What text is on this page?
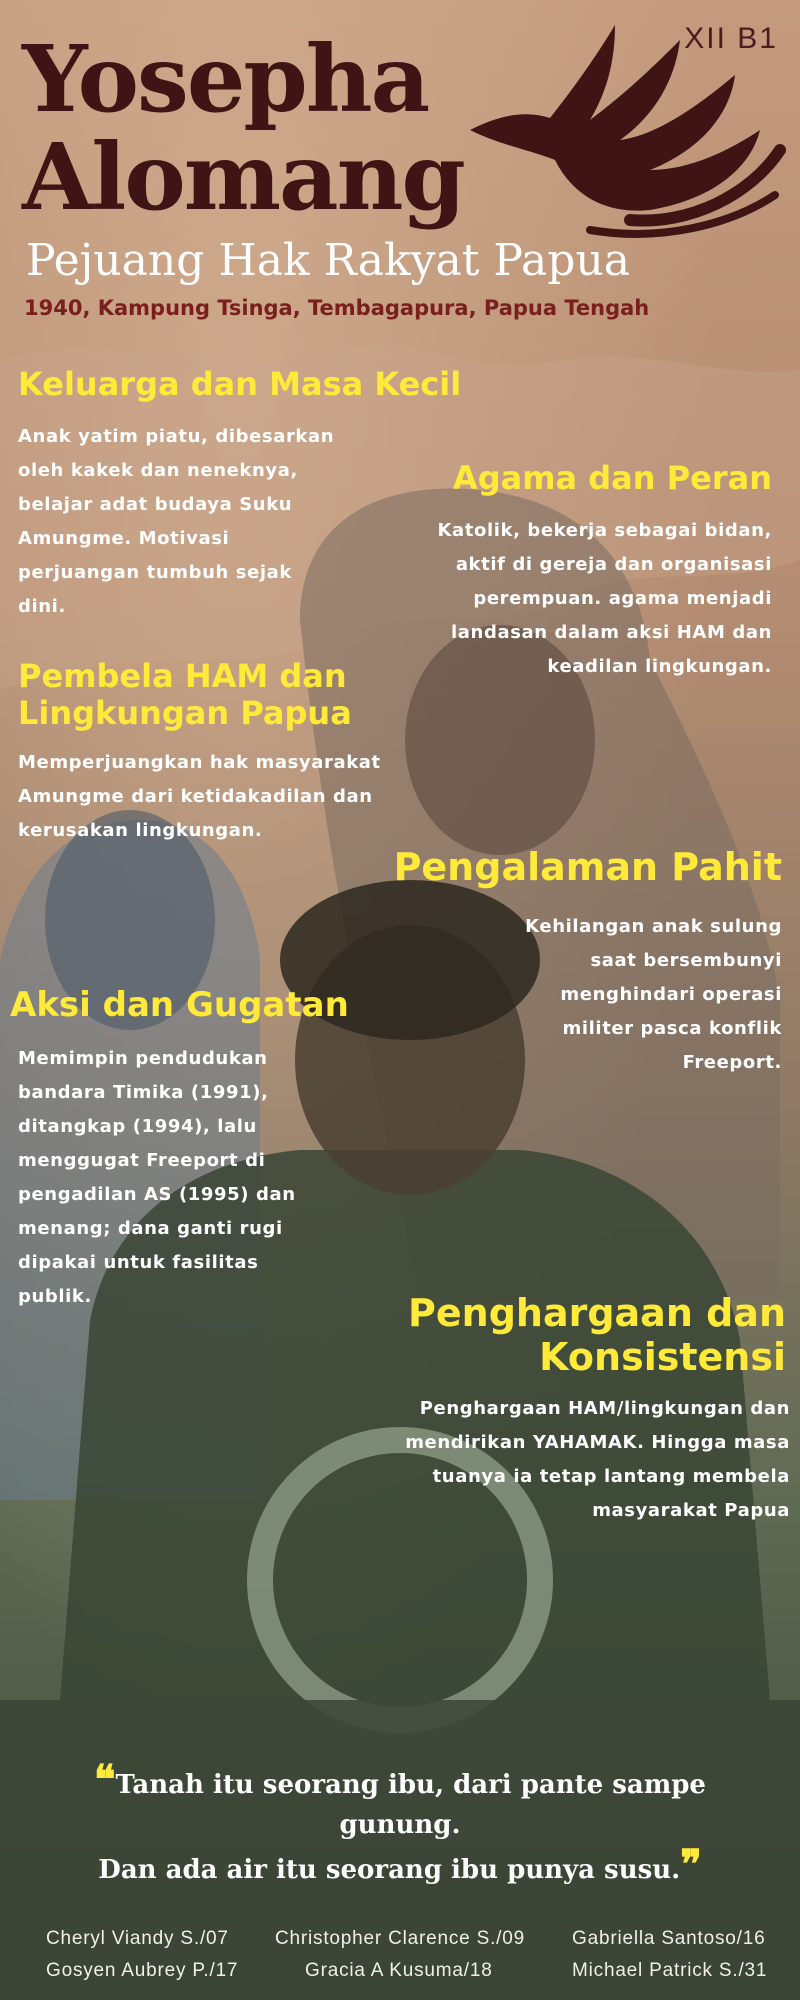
XII B1
Yosepha
Alomang
Pejuang Hak Rakyat Papua
1940, Kampung Tsinga, Tembagapura, Papua Tengah
Keluarga dan Masa Kecil
Anak yatim piatu, dibesarkan
oleh kakek dan neneknya,
belajar adat budaya Suku
Amungme. Motivasi
perjuangan tumbuh sejak
dini.
Agama dan Peran
Katolik, bekerja sebagai bidan,
aktif di gereja dan organisasi
perempuan. agama menjadi
landasan dalam aksi HAM dan
keadilan lingkungan.
Pembela HAM dan
Lingkungan Papua
Memperjuangkan hak masyarakat
Amungme dari ketidakadilan dan
kerusakan lingkungan.
Pengalaman Pahit
Kehilangan anak sulung
saat bersembunyi
menghindari operasi
militer pasca konflik
Freeport.
Aksi dan Gugatan
Memimpin pendudukan
bandara Timika (1991),
ditangkap (1994), lalu
menggugat Freeport di
pengadilan AS (1995) dan
menang; dana ganti rugi
dipakai untuk fasilitas
publik.	Penghargaan dan
Konsistensi
Penghargaan HAM/lingkungan dan
mendirikan YAHAMAK. Hingga masa
tuanya ia tetap lantang membela
masyarakat Papua
❝Tanah itu seorang ibu, dari pante sampe gunung.
Dan ada air itu seorang ibu punya susu.❞
Cheryl Viandy S./07 Christopher Clarence S./09 Gabriella Santoso/16
Gosyen Aubrey P./17	Gracia A Kusuma/18	Michael Patrick S./31
